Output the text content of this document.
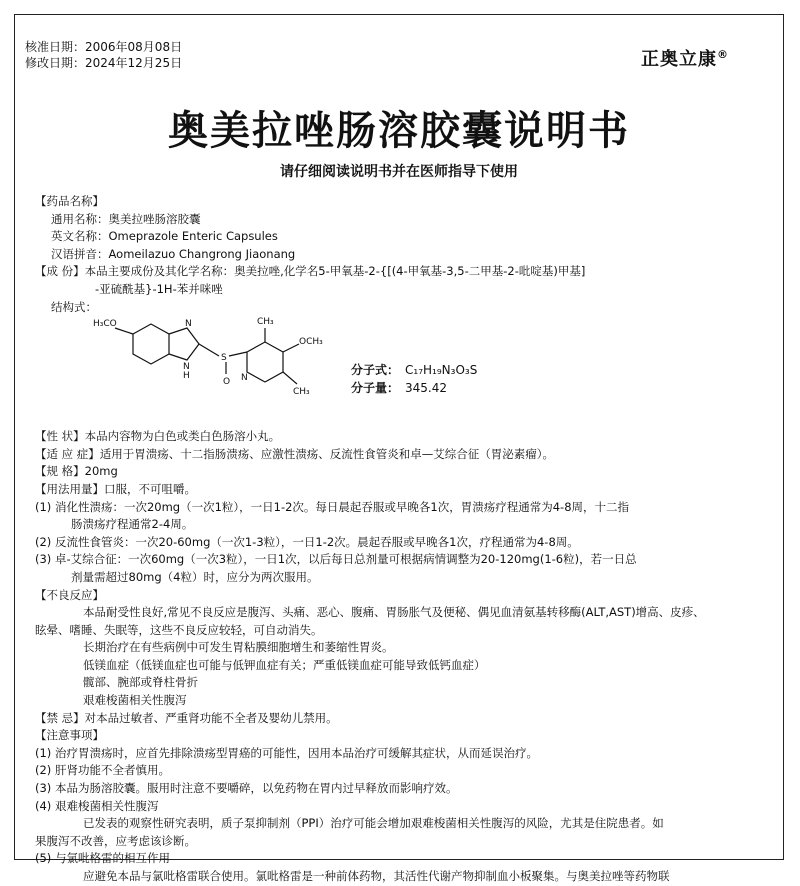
核准日期：2006年08月08日
修改日期：2024年12月25日	正奥立康®
奥美拉唑肠溶胶囊说明书
请仔细阅读说明书并在医师指导下使用
【药品名称】
通用名称：奥美拉唑肠溶胶囊
英文名称：Omeprazole Enteric Capsules
汉语拼音：Aomeilazuo Changrong Jiaonang
【成 份】本品主要成份及其化学名称：奥美拉唑,化学名5-甲氧基-2-{[(4-甲氧基-3,5-二甲基-2-吡啶基)甲基]
-亚硫酰基}-1H-苯并咪唑
结构式：
H₃CO	N
N
H
S
O
CH₃
OCH₃
CH₃
N
分子式： C₁₇H₁₉N₃O₃S
分子量： 345.42
【性 状】本品内容物为白色或类白色肠溶小丸。
【适 应 症】适用于胃溃疡、十二指肠溃疡、应激性溃疡、反流性食管炎和卓—艾综合征（胃泌素瘤）。
【规 格】20mg
【用法用量】口服，不可咀嚼。
(1) 消化性溃疡：一次20mg（一次1粒），一日1-2次。每日晨起吞服或早晚各1次，胃溃疡疗程通常为4-8周，十二指
肠溃疡疗程通常2-4周。
(2) 反流性食管炎：一次20-60mg（一次1-3粒），一日1-2次。晨起吞服或早晚各1次，疗程通常为4-8周。
(3) 卓-艾综合征：一次60mg（一次3粒），一日1次，以后每日总剂量可根据病情调整为20-120mg(1-6粒)，若一日总
剂量需超过80mg（4粒）时，应分为两次服用。
【不良反应】
本品耐受性良好,常见不良反应是腹泻、头痛、恶心、腹痛、胃肠胀气及便秘、偶见血清氨基转移酶(ALT,AST)增高、皮疹、
眩晕、嗜睡、失眠等，这些不良反应较轻，可自动消失。
长期治疗在有些病例中可发生胃粘膜细胞增生和萎缩性胃炎。
低镁血症（低镁血症也可能与低钾血症有关；严重低镁血症可能导致低钙血症）
髋部、腕部或脊柱骨折
艰难梭菌相关性腹泻
【禁 忌】对本品过敏者、严重肾功能不全者及婴幼儿禁用。
【注意事项】
(1) 治疗胃溃疡时，应首先排除溃疡型胃癌的可能性，因用本品治疗可缓解其症状，从而延误治疗。
(2) 肝肾功能不全者慎用。
(3) 本品为肠溶胶囊。服用时注意不要嚼碎，以免药物在胃内过早释放而影响疗效。
(4) 艰难梭菌相关性腹泻
已发表的观察性研究表明，质子泵抑制剂（PPI）治疗可能会增加艰难梭菌相关性腹泻的风险，尤其是住院患者。如
果腹泻不改善，应考虑该诊断。
(5) 与氯吡格雷的相互作用
应避免本品与氯吡格雷联合使用。氯吡格雷是一种前体药物，其活性代谢产物抑制血小板聚集。与奥美拉唑等药物联
